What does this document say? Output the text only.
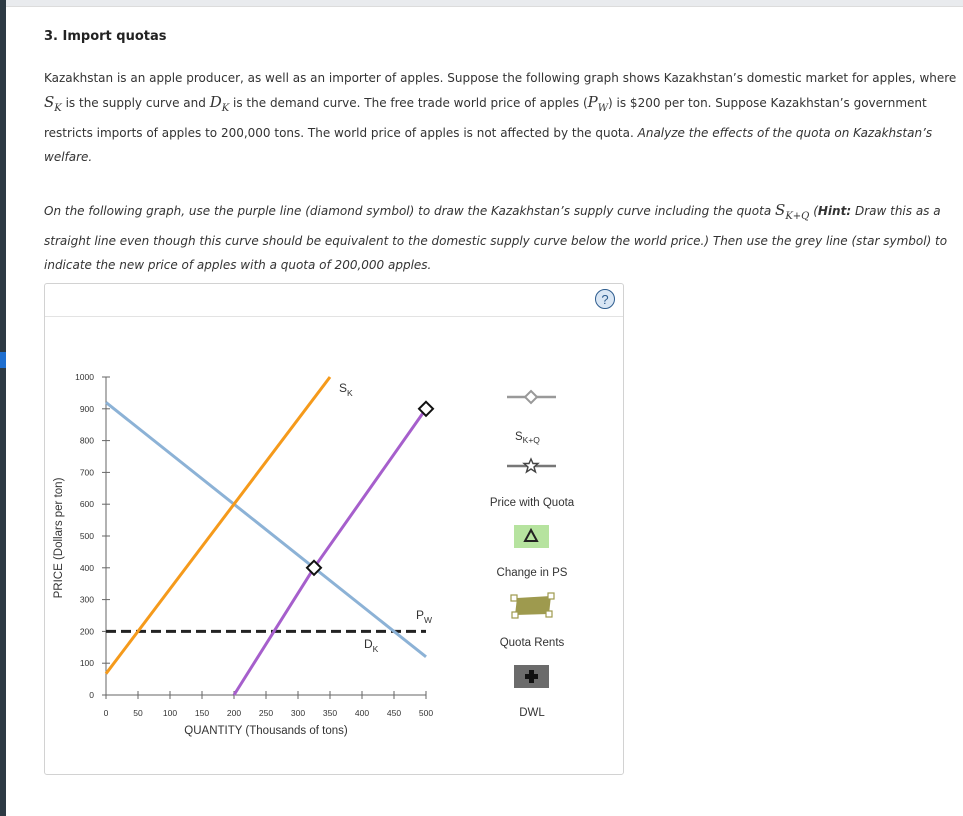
3. Import quotas
Kazakhstan is an apple producer, as well as an importer of apples. Suppose the following graph shows Kazakhstan’s domestic market for apples, where
$S_K$ is the supply curve and $D_K$ is the demand curve. The free trade world price of apples $(P_W)$ is $200 per ton. Suppose Kazakhstan’s government
restricts imports of apples to 200,000 tons. The world price of apples is not affected by the quota. Analyze the effects of the quota on Kazakhstan’s
welfare.
On the following graph, use the purple line (diamond symbol) to draw the Kazakhstan’s supply curve including the quota $S_{K+Q}$ (Hint: Draw this as a
straight line even though this curve should be equivalent to the domestic supply curve below the world price.) Then use the grey line (star symbol) to
indicate the new price of apples with a quota of 200,000 apples.
?
0	50 100 150 200 250 300 350 400 450 500
0
100
200
300
400
500
600
700
800
900
1000
QUANTITY (Thousands of tons)
PRICE (Dollars per ton)
$S_K$
$D_K$
$P_W$
$S_{K+Q}$
Price with Quota
Change in PS
Quota Rents
DWL
